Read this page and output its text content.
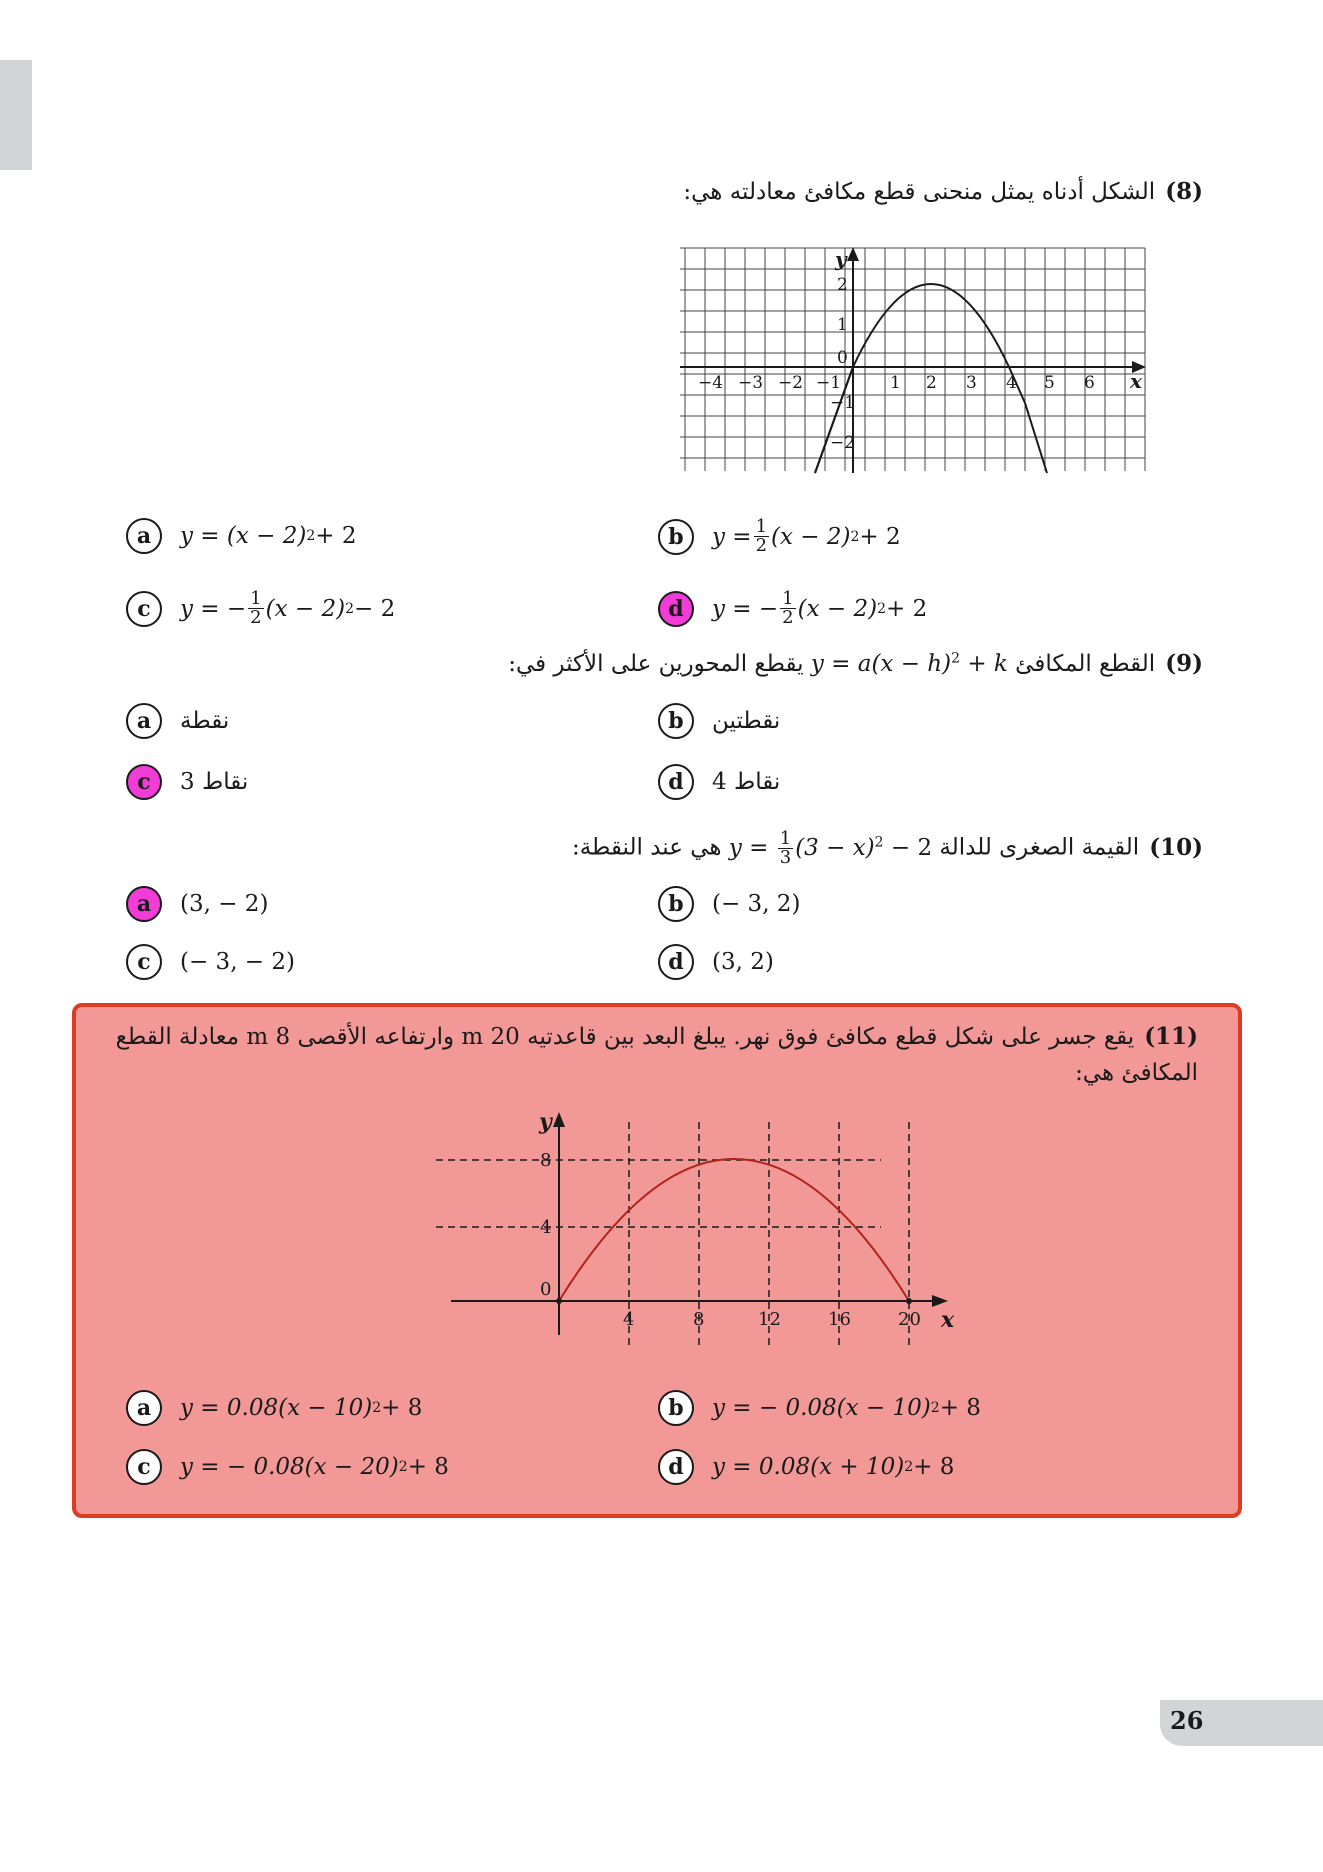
(8)الشكل أدناه يمثل منحنى قطع مكافئ معادلته هي:
x
y
−4 −3 −2 −1	1 2 3 4 5 6
2
1
0
−1
−2
a	y = (x − 2) 2 + 2	b	$y = \frac{1}{2} (x - 2) 2 + 2$
c	y = − $\frac{1}{2} (x - 2) 2 - 2$	d	y = − $\frac{1}{2} (x - 2) 2 + 2$
(9)القطع المكافئ $y = a(x - h)^2 + k$ يقطع المحورين على الأكثر في:
a	نقطة	b	نقطتين
c	3 نقاط	d	4 نقاط
(10)القيمة الصغرى للدالة $y = \frac{1}{3} (3 - x)^2 - 2$ هي عند النقطة:
a	(3, − 2)	b	(− 3, 2)
c	(− 3, − 2)	d	(3, 2)
(11)يقع جسر على شكل قطع مكافئ فوق نهر. يبلغ البعد بين قاعدتيه 20 m وارتفاعه الأقصى 8 m معادلة القطع المكافئ هي:
x
y
4	8	12	16	20
8
4
0
a	y = 0.08(x − 10) 2 + 8	b	y = − 0.08(x − 10) 2 + 8
c	y = − 0.08(x − 20) 2 + 8	d	y = 0.08(x + 10) 2 + 8
26
